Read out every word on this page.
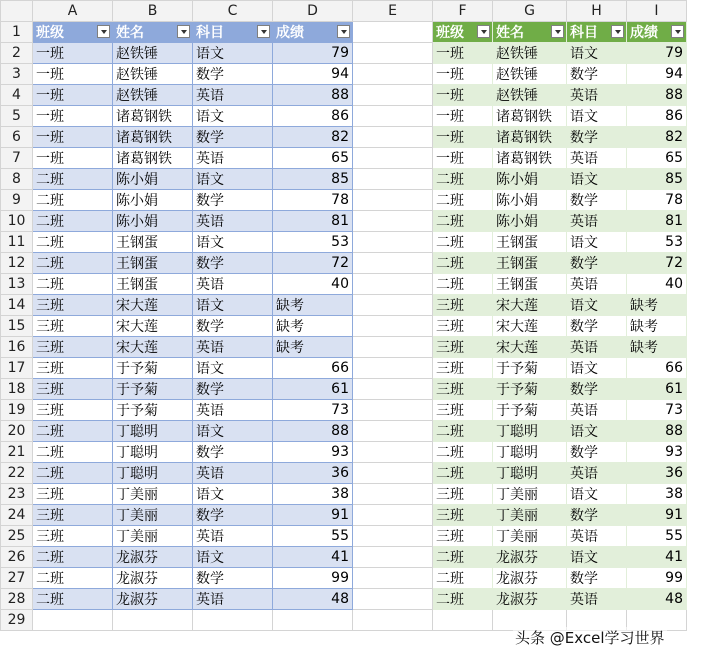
	A	B	C	D	E	F	G	H	I
1	班级	姓名	科目	成绩		班级	姓名	科目	成绩

2	一班	赵铁锤	语文	79		一班	赵铁锤	语文	79
3	一班	赵铁锤	数学	94		一班	赵铁锤	数学	94
4	一班	赵铁锤	英语	88		一班	赵铁锤	英语	88
5	一班	诸葛钢铁	语文	86		一班	诸葛钢铁	语文	86
6	一班	诸葛钢铁	数学	82		一班	诸葛钢铁	数学	82
7	一班	诸葛钢铁	英语	65		一班	诸葛钢铁	英语	65
8	二班	陈小娟	语文	85		二班	陈小娟	语文	85
9	二班	陈小娟	数学	78		二班	陈小娟	数学	78
10	二班	陈小娟	英语	81		二班	陈小娟	英语	81
11	二班	王钢蛋	语文	53		二班	王钢蛋	语文	53
12	二班	王钢蛋	数学	72		二班	王钢蛋	数学	72
13	二班	王钢蛋	英语	40		二班	王钢蛋	英语	40
14	三班	宋大莲	语文	缺考		三班	宋大莲	语文	缺考
15	三班	宋大莲	数学	缺考		三班	宋大莲	数学	缺考
16	三班	宋大莲	英语	缺考		三班	宋大莲	英语	缺考
17	三班	于予菊	语文	66		三班	于予菊	语文	66
18	三班	于予菊	数学	61		三班	于予菊	数学	61
19	三班	于予菊	英语	73		三班	于予菊	英语	73
20	二班	丁聪明	语文	88		二班	丁聪明	语文	88
21	二班	丁聪明	数学	93		二班	丁聪明	数学	93
22	二班	丁聪明	英语	36		二班	丁聪明	英语	36
23	三班	丁美丽	语文	38		三班	丁美丽	语文	38
24	三班	丁美丽	数学	91		三班	丁美丽	数学	91
25	三班	丁美丽	英语	55		三班	丁美丽	英语	55
26	二班	龙淑芬	语文	41		二班	龙淑芬	语文	41
27	二班	龙淑芬	数学	99		二班	龙淑芬	数学	99
28	二班	龙淑芬	英语	48		二班	龙淑芬	英语	48
29									
头条 @Excel学习世界
